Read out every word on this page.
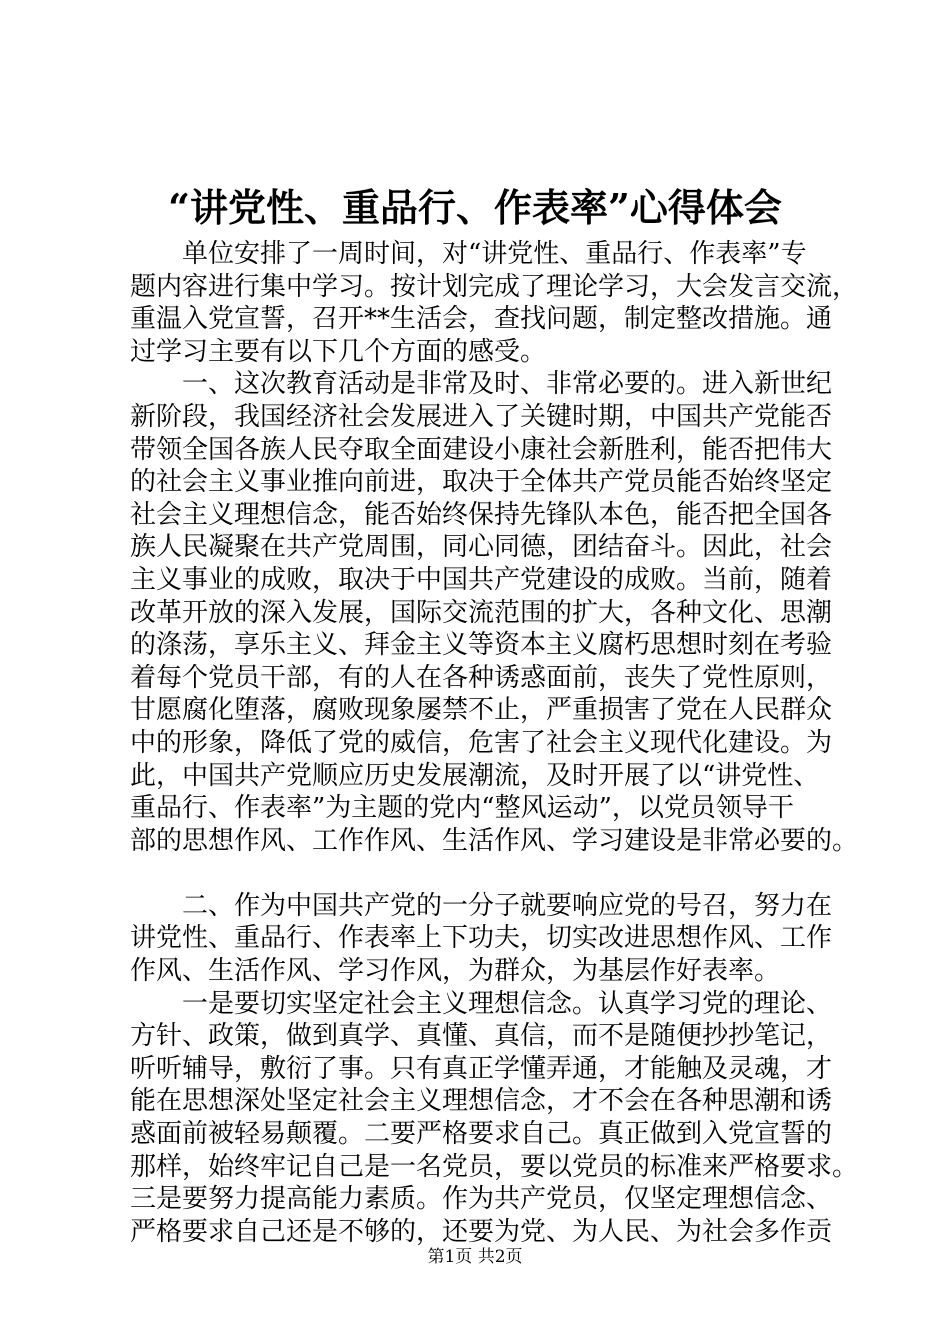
“讲党性、重品行、作表率”心得体会
单位安排了一周时间，对“讲党性、重品行、作表率”专
题内容进行集中学习。按计划完成了理论学习，大会发言交流，
重温入党宣誓，召开**生活会，查找问题，制定整改措施。通
过学习主要有以下几个方面的感受。
一、这次教育活动是非常及时、非常必要的。进入新世纪
新阶段，我国经济社会发展进入了关键时期，中国共产党能否
带领全国各族人民夺取全面建设小康社会新胜利，能否把伟大
的社会主义事业推向前进，取决于全体共产党员能否始终坚定
社会主义理想信念，能否始终保持先锋队本色，能否把全国各
族人民凝聚在共产党周围，同心同德，团结奋斗。因此，社会
主义事业的成败，取决于中国共产党建设的成败。当前，随着
改革开放的深入发展，国际交流范围的扩大，各种文化、思潮
的涤荡，享乐主义、拜金主义等资本主义腐朽思想时刻在考验
着每个党员干部，有的人在各种诱惑面前，丧失了党性原则，
甘愿腐化堕落，腐败现象屡禁不止，严重损害了党在人民群众
中的形象，降低了党的威信，危害了社会主义现代化建设。为
此，中国共产党顺应历史发展潮流，及时开展了以“讲党性、
重品行、作表率”为主题的党内“整风运动”，以党员领导干
部的思想作风、工作作风、生活作风、学习建设是非常必要的。
二、作为中国共产党的一分子就要响应党的号召，努力在
讲党性、重品行、作表率上下功夫，切实改进思想作风、工作
作风、生活作风、学习作风，为群众，为基层作好表率。
一是要切实坚定社会主义理想信念。认真学习党的理论、
方针、政策，做到真学、真懂、真信，而不是随便抄抄笔记，
听听辅导，敷衍了事。只有真正学懂弄通，才能触及灵魂，才
能在思想深处坚定社会主义理想信念，才不会在各种思潮和诱
惑面前被轻易颠覆。二要严格要求自己。真正做到入党宣誓的
那样，始终牢记自己是一名党员，要以党员的标准来严格要求。
三是要努力提高能力素质。作为共产党员，仅坚定理想信念、
严格要求自己还是不够的，还要为党、为人民、为社会多作贡
第1页 共2页
